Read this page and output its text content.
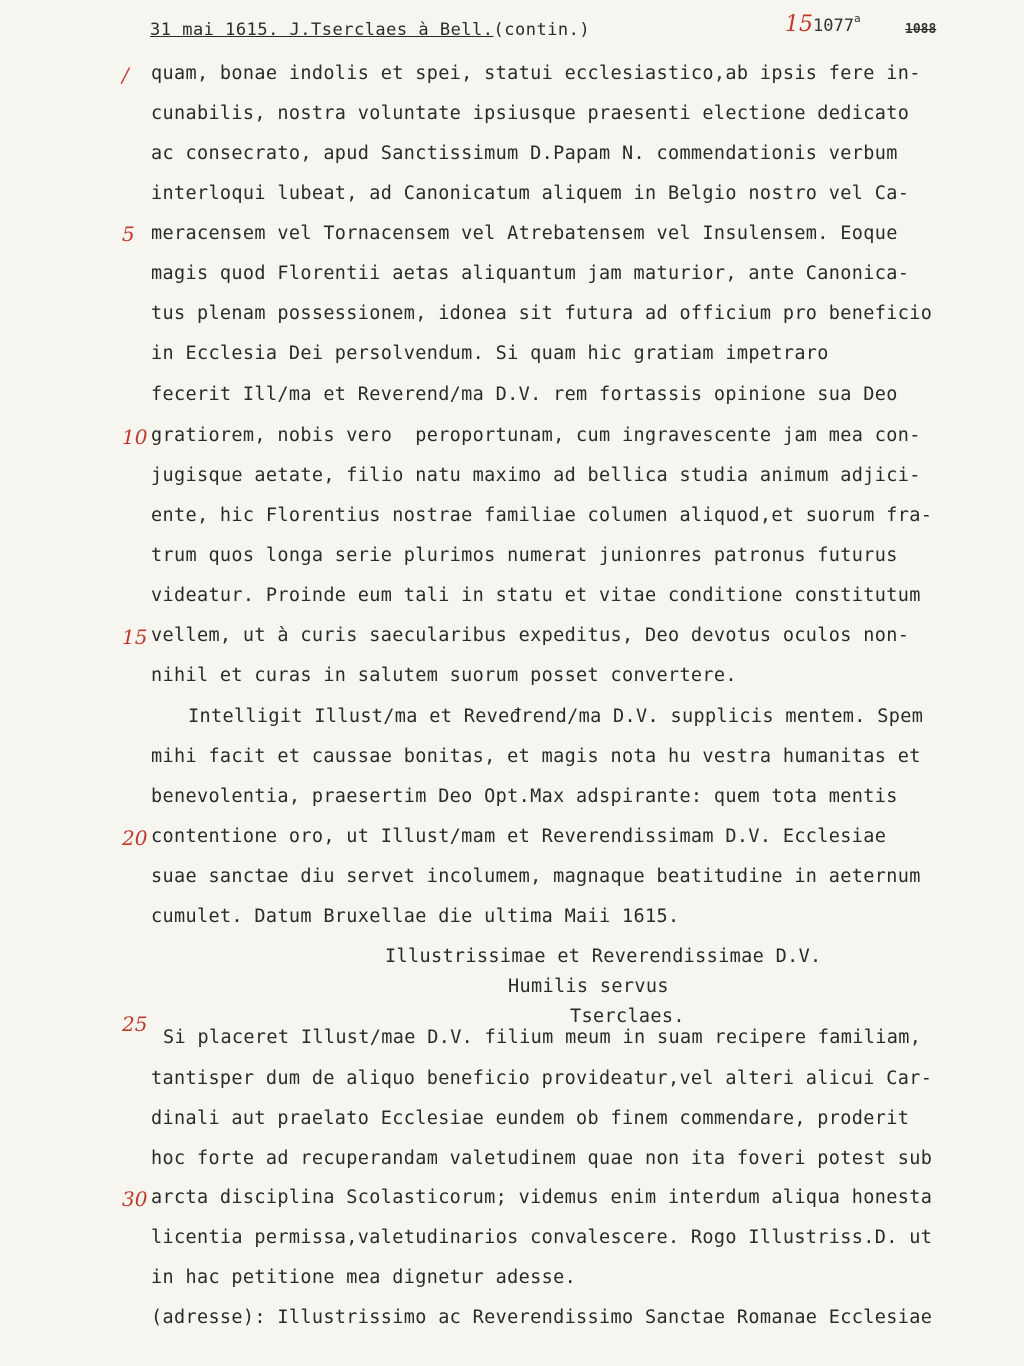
31 mai 1615. J.Tserclaes à Bell.(contin.)	151077$^a$
1088
/
5
10
15
20
25
30
quam, bonae indolis et spei, statui ecclesiastico,ab ipsis fere in-
cunabilis, nostra voluntate ipsiusque praesenti electione dedicato
ac consecrato, apud Sanctissimum D.Papam N. commendationis verbum
interloqui lubeat, ad Canonicatum aliquem in Belgio nostro vel Ca-
meracensem vel Tornacensem vel Atrebatensem vel Insulensem. Eoque
magis quod Florentii aetas aliquantum jam maturior, ante Canonica-
tus plenam possessionem, idonea sit futura ad officium pro beneficio
in Ecclesia Dei persolvendum. Si quam hic gratiam impetraro
fecerit Ill/ma et Reverend/ma D.V. rem fortassis opinione sua Deo
gratiorem, nobis vero  peroportunam, cum ingravescente jam mea con-
jugisque aetate, filio natu maximo ad bellica studia animum adjici-
ente, hic Florentius nostrae familiae columen aliquod,et suorum fra-
trum quos longa serie plurimos numerat junionres patronus futurus
videatur. Proinde eum tali in statu et vitae conditione constitutum
vellem, ut à curis saecularibus expeditus, Deo devotus oculos non-
nihil et curas in salutem suorum posset convertere.
Intelligit Illust/ma et Reveđrend/ma D.V. supplicis mentem. Spem
mihi facit et caussae bonitas, et magis nota hu vestra humanitas et
benevolentia, praesertim Deo Opt.Max adspirante: quem tota mentis
contentione oro, ut Illust/mam et Reverendissimam D.V. Ecclesiae
suae sanctae diu servet incolumem, magnaque beatitudine in aeternum
cumulet. Datum Bruxellae die ultima Maii 1615.
Illustrissimae et Reverendissimae D.V.
Humilis servus
Tserclaes.
Si placeret Illust/mae D.V. filium meum in suam recipere familiam,
tantisper dum de aliquo beneficio provideatur,vel alteri alicui Car-
dinali aut praelato Ecclesiae eundem ob finem commendare, proderit
hoc forte ad recuperandam valetudinem quae non ita foveri potest sub
arcta disciplina Scolasticorum; videmus enim interdum aliqua honesta
licentia permissa,valetudinarios convalescere. Rogo Illustriss.D. ut
in hac petitione mea dignetur adesse.
(adresse): Illustrissimo ac Reverendissimo Sanctae Romanae Ecclesiae
